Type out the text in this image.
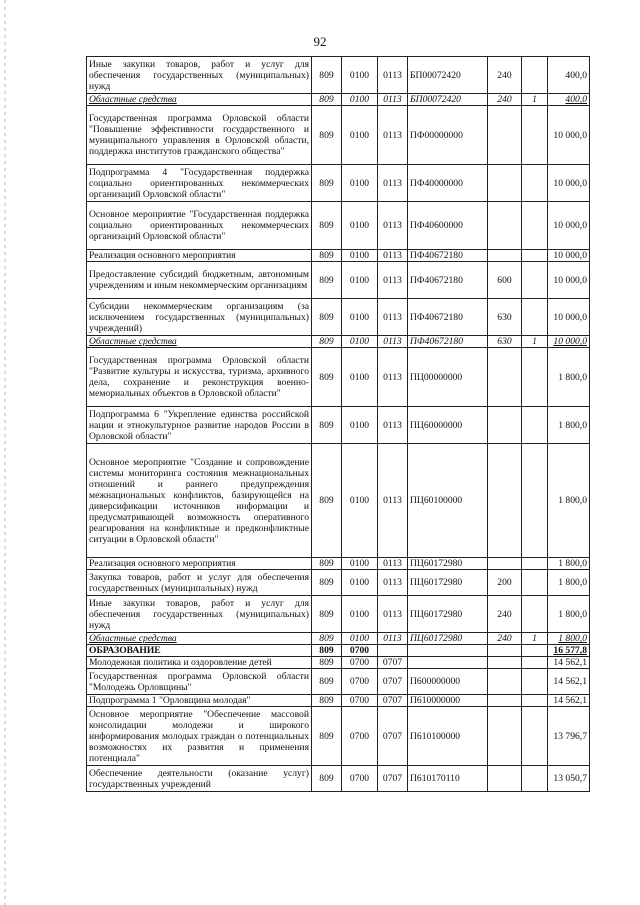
92
Иные закупки товаров, работ и услуг для обеспечения государственных (муниципальных) нужд	809	0100	0113	БП00072420	240		400,0
Областные средства	809	0100	0113	БП00072420	240	1	400,0
Государственная программа Орловской области "Повышение эффективности государственного и муниципального управления в Орловской области, поддержка институтов гражданского общества"	809	0100	0113	ПФ00000000			10 000,0
Подпрограмма 4 "Государственная поддержка социально ориентированных некоммерческих организаций Орловской области"	809	0100	0113	ПФ40000000			10 000,0
Основное мероприятие "Государственная поддержка социально ориентированных некоммерческих организаций Орловской области"	809	0100	0113	ПФ40600000			10 000,0
Реализация основного мероприятия	809	0100	0113	ПФ40672180			10 000,0
Предоставление субсидий бюджетным, автономным учреждениям и иным некоммерческим организациям	809	0100	0113	ПФ40672180	600		10 000,0
Субсидии некоммерческим организациям (за исключением государственных (муниципальных) учреждений)	809	0100	0113	ПФ40672180	630		10 000,0
Областные средства	809	0100	0113	ПФ40672180	630	1	10 000,0
Государственная программа Орловской области "Развитие культуры и искусства, туризма, архивного дела, сохранение и реконструкция военно-мемориальных объектов в Орловской области"	809	0100	0113	ПЦ00000000			1 800,0
Подпрограмма 6 "Укрепление единства российской нации и этнокультурное развитие народов России в Орловской области"	809	0100	0113	ПЦ60000000			1 800,0
Основное мероприятие "Создание и сопровождение системы мониторинга состояния межнациональных отношений и раннего предупреждения межнациональных конфликтов, базирующейся на диверсификации источников информации и предусматривающей возможность оперативного реагирования на конфликтные и предконфликтные ситуации в Орловской области"	809	0100	0113	ПЦ60100000			1 800,0
Реализация основного мероприятия	809	0100	0113	ПЦ60172980			1 800,0
Закупка товаров, работ и услуг для обеспечения государственных (муниципальных) нужд	809	0100	0113	ПЦ60172980	200		1 800,0
Иные закупки товаров, работ и услуг для обеспечения государственных (муниципальных) нужд	809	0100	0113	ПЦ60172980	240		1 800,0
Областные средства	809	0100	0113	ПЦ60172980	240	1	1 800,0
ОБРАЗОВАНИЕ	809	0700					16 577,8
Молодежная политика и оздоровление детей	809	0700	0707				14 562,1
Государственная программа Орловской области "Молодежь Орловщины"	809	0700	0707	П600000000			14 562,1
Подпрограмма 1 "Орловщина молодая"	809	0700	0707	П610000000			14 562,1
Основное мероприятие "Обеспечение массовой консолидации молодежи и широкого информирования молодых граждан о потенциальных возможностях их развития и применения потенциала"	809	0700	0707	П610100000			13 796,7
Обеспечение деятельности (оказание услуг) государственных учреждений	809	0700	0707	П610170110			13 050,7
